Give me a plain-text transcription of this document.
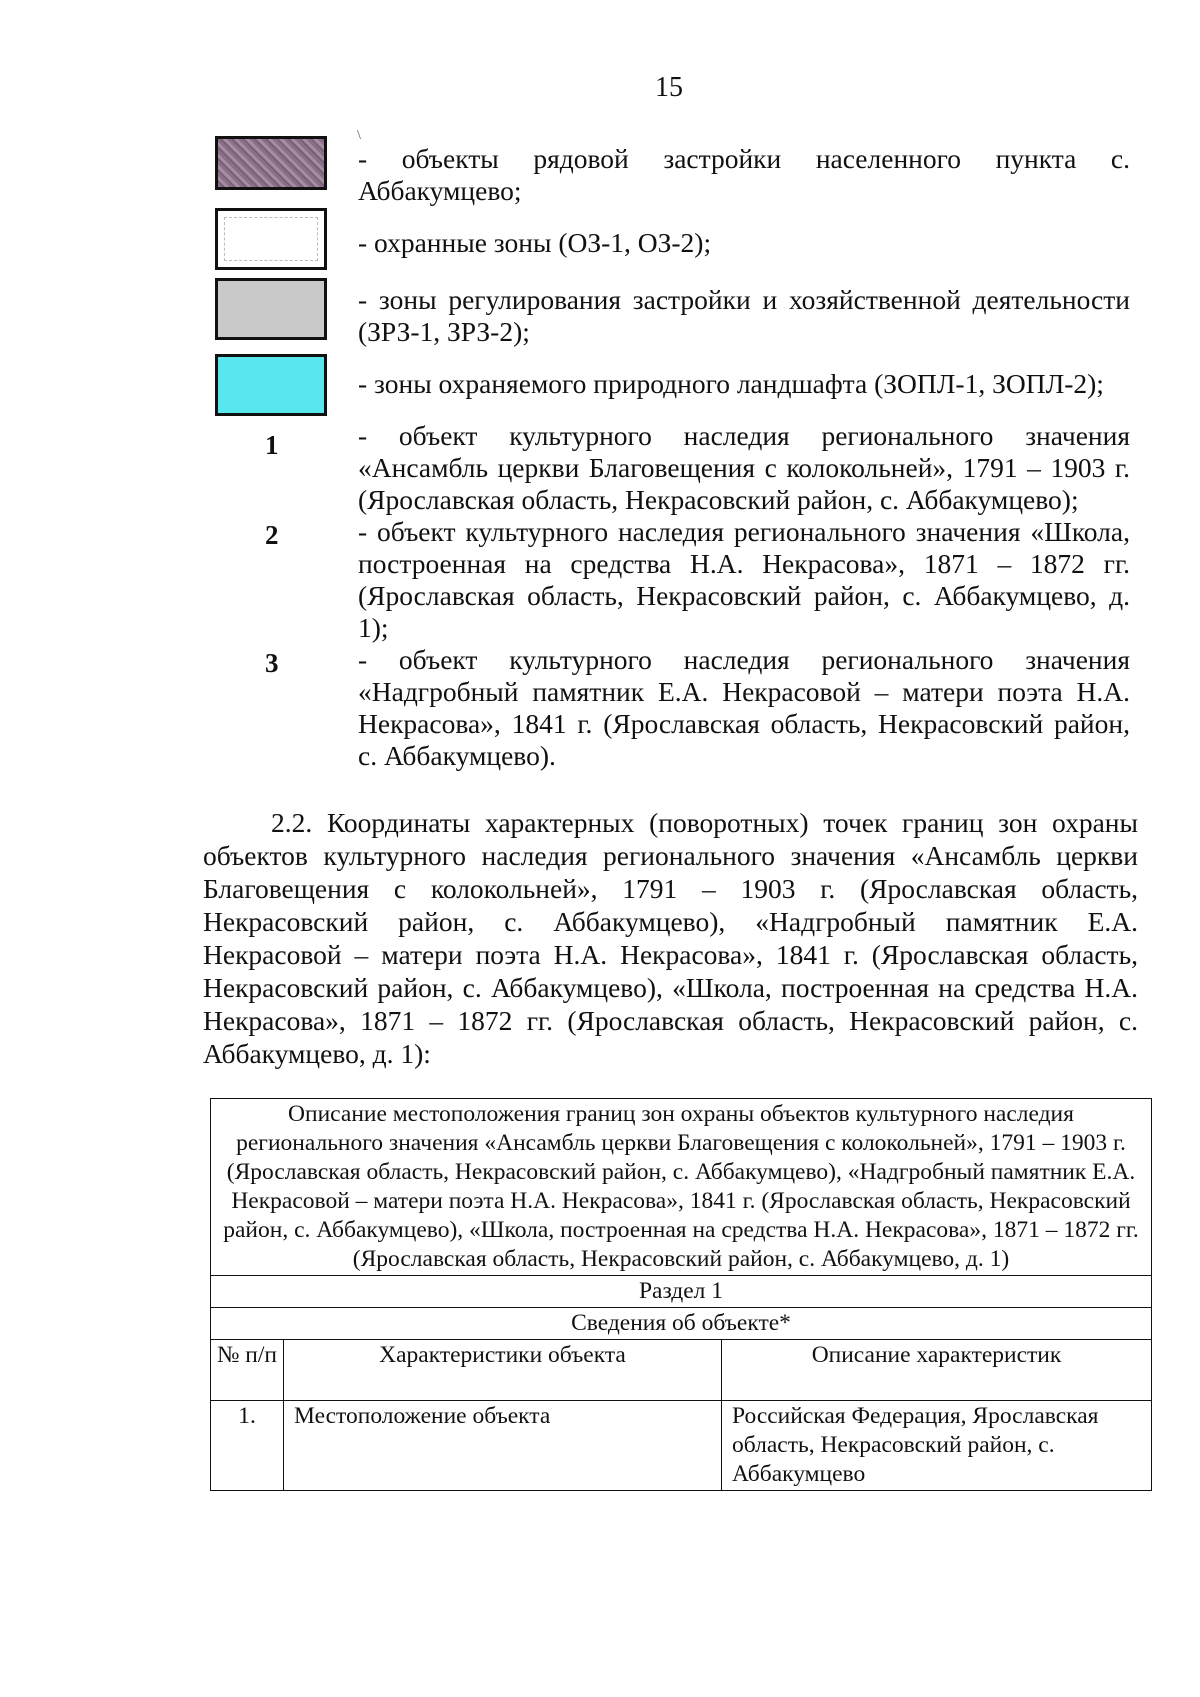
15
\
- объекты рядовой застройки населенного пункта с. Аббакумцево;
- охранные зоны (ОЗ-1, ОЗ-2);
- зоны регулирования застройки и хозяйственной деятельности (ЗРЗ-1, ЗРЗ-2);
- зоны охраняемого природного ландшафта (ЗОПЛ-1, ЗОПЛ-2);
1	- объект культурного наследия регионального значения «Ансамбль церкви Благовещения с колокольней», 1791 – 1903 г. (Ярославская область, Некрасовский район, с. Аббакумцево);
2	- объект культурного наследия регионального значения «Школа, построенная на средства Н.А. Некрасова», 1871 – 1872 гг. (Ярославская область, Некрасовский район, с. Аббакумцево, д. 1);
3	- объект культурного наследия регионального значения «Надгробный памятник Е.А. Некрасовой – матери поэта Н.А. Некрасова», 1841 г. (Ярославская область, Некрасовский район, с. Аббакумцево).
2.2. Координаты характерных (поворотных) точек границ зон охраны объектов культурного наследия регионального значения «Ансамбль церкви Благовещения с колокольней», 1791 – 1903 г. (Ярославская область, Некрасовский район, с. Аббакумцево), «Надгробный памятник Е.А. Некрасовой – матери поэта Н.А. Некрасова», 1841 г. (Ярославская область, Некрасовский район, с. Аббакумцево), «Школа, построенная на средства Н.А. Некрасова», 1871 – 1872 гг. (Ярославская область, Некрасовский район, с. Аббакумцево, д. 1):
Описание местоположения границ зон охраны объектов культурного наследия регионального значения «Ансамбль церкви Благовещения с колокольней», 1791 – 1903 г. (Ярославская область, Некрасовский район, с. Аббакумцево), «Надгробный памятник Е.А. Некрасовой – матери поэта Н.А. Некрасова», 1841 г. (Ярославская область, Некрасовский район, с. Аббакумцево), «Школа, построенная на средства Н.А. Некрасова», 1871 – 1872 гг. (Ярославская область, Некрасовский район, с. Аббакумцево, д. 1)		
Раздел 1		
Сведения об объекте*		
№ п/п	Характеристики объекта	Описание характеристик
1.	Местоположение объекта	Российская Федерация, Ярославская область, Некрасовский район, с. Аббакумцево
